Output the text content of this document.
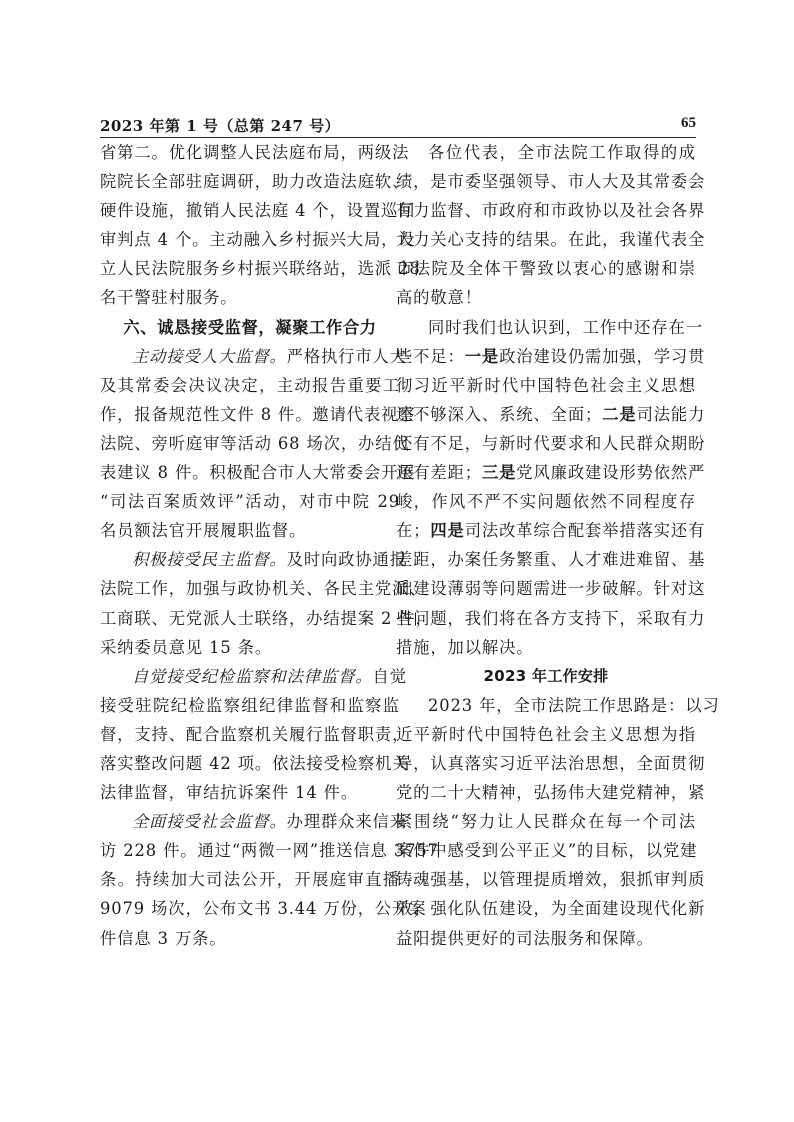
2023 年第 1 号（总第 247 号）	65
省第二。优化调整人民法庭布局，两级法
院院长全部驻庭调研，助力改造法庭软、
硬件设施，撤销人民法庭 4 个，设置巡回
审判点 4 个。主动融入乡村振兴大局，设
立人民法院服务乡村振兴联络站，选派 28
名干警驻村服务。
六、诚恳接受监督，凝聚工作合力
主动接受人大监督。严格执行市人大
及其常委会决议决定，主动报告重要工
作，报备规范性文件 8 件。邀请代表视察
法院、旁听庭审等活动 68 场次，办结代
表建议 8 件。积极配合市人大常委会开展
“司法百案质效评”活动，对市中院 29
名员额法官开展履职监督。
积极接受民主监督。及时向政协通报
法院工作，加强与政协机关、各民主党派、
工商联、无党派人士联络，办结提案 2 件，
采纳委员意见 15 条。
自觉接受纪检监察和法律监督。自觉
接受驻院纪检监察组纪律监督和监察监
督，支持、配合监察机关履行监督职责，
落实整改问题 42 项。依法接受检察机关
法律监督，审结抗诉案件 14 件。
全面接受社会监督。办理群众来信来
访 228 件。通过“两微一网”推送信息 3757
条。持续加大司法公开，开展庭审直播
9079 场次，公布文书 3.44 万份，公开案
件信息 3 万条。
各位代表，全市法院工作取得的成
绩，是市委坚强领导、市人大及其常委会
有力监督、市政府和市政协以及社会各界
大力关心支持的结果。在此，我谨代表全
市法院及全体干警致以衷心的感谢和崇
高的敬意！
同时我们也认识到，工作中还存在一
些不足：一是政治建设仍需加强，学习贯
彻习近平新时代中国特色社会主义思想
还不够深入、系统、全面；二是司法能力
还有不足，与新时代要求和人民群众期盼
还有差距；三是党风廉政建设形势依然严
峻，作风不严不实问题依然不同程度存
在；四是司法改革综合配套举措落实还有
差距，办案任务繁重、人才难进难留、基
础建设薄弱等问题需进一步破解。针对这
些问题，我们将在各方支持下，采取有力
措施，加以解决。
2023 年工作安排
2023 年，全市法院工作思路是：以习
近平新时代中国特色社会主义思想为指
导，认真落实习近平法治思想，全面贯彻
党的二十大精神，弘扬伟大建党精神，紧
紧围绕“努力让人民群众在每一个司法
案件中感受到公平正义”的目标，以党建
铸魂强基，以管理提质增效，狠抓审判质
效，强化队伍建设，为全面建设现代化新
益阳提供更好的司法服务和保障。
